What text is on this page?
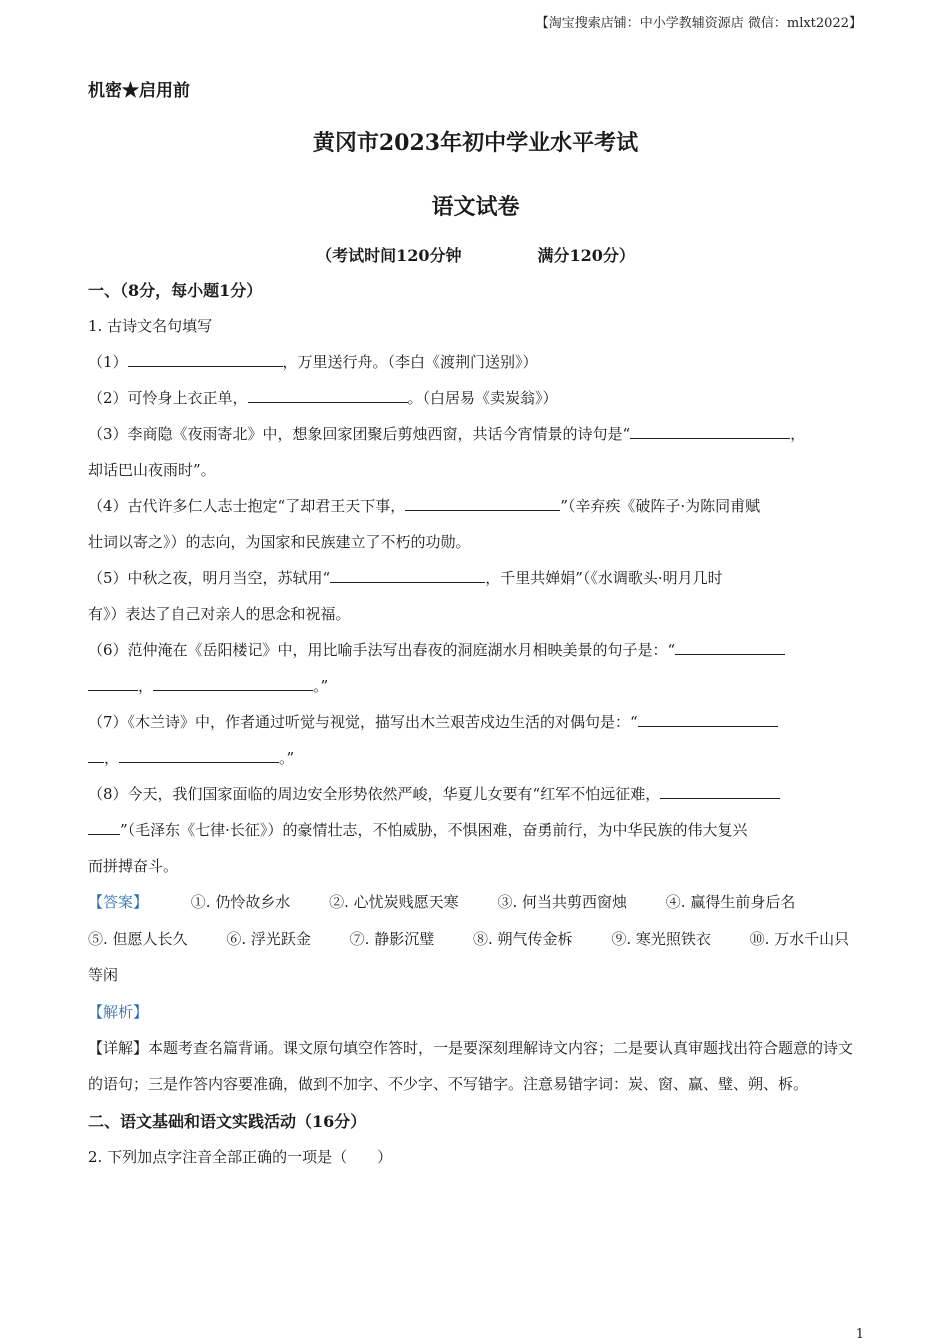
【淘宝搜索店铺：中小学教辅资源店 微信：mlxt2022】

机密★启用前

黄冈市2023年初中学业水平考试
语文试卷

（考试时间120分钟	满分120分）

一、（8分，每小题1分）

1. 古诗文名句填写

（1）	，万里送行舟。（李白《渡荆门送别》）

（2）可怜身上衣正单，	。（白居易《卖炭翁》）

（3）李商隐《夜雨寄北》中，想象回家团聚后剪烛西窗，共话今宵情景的诗句是“	，

却话巴山夜雨时”。

（4）古代许多仁人志士抱定“了却君王天下事，	”（辛弃疾《破阵子·为陈同甫赋

壮词以寄之》）的志向，为国家和民族建立了不朽的功勋。

（5）中秋之夜，明月当空，苏轼用“	，千里共婵娟”（《水调歌头·明月几时

有》）表达了自己对亲人的思念和祝福。

（6）范仲淹在《岳阳楼记》中，用比喻手法写出春夜的洞庭湖水月相映美景的句子是：“

，	。”

（7）《木兰诗》中，作者通过听觉与视觉，描写出木兰艰苦戍边生活的对偶句是：“

，	。”

（8）今天，我们国家面临的周边安全形势依然严峻，华夏儿女要有“红军不怕远征难，

”（毛泽东《七律·长征》）的豪情壮志，不怕威胁，不惧困难，奋勇前行，为中华民族的伟大复兴

而拼搏奋斗。

【答案】	①. 仍怜故乡水	②. 心忧炭贱愿天寒	③. 何当共剪西窗烛	④. 赢得生前身后名
⑤. 但愿人长久	⑥. 浮光跃金	⑦. 静影沉璧	⑧. 朔气传金柝	⑨. 寒光照铁衣	⑩. 万水千山只等闲

【解析】

【详解】本题考查名篇背诵。课文原句填空作答时，一是要深刻理解诗文内容；二是要认真审题找出符合题意的诗文的语句；三是作答内容要准确，做到不加字、不少字、不写错字。注意易错字词：炭、窗、赢、璧、朔、柝。

二、语文基础和语文实践活动（16分）

2. 下列加点字注音全部正确的一项是（　　）

1
